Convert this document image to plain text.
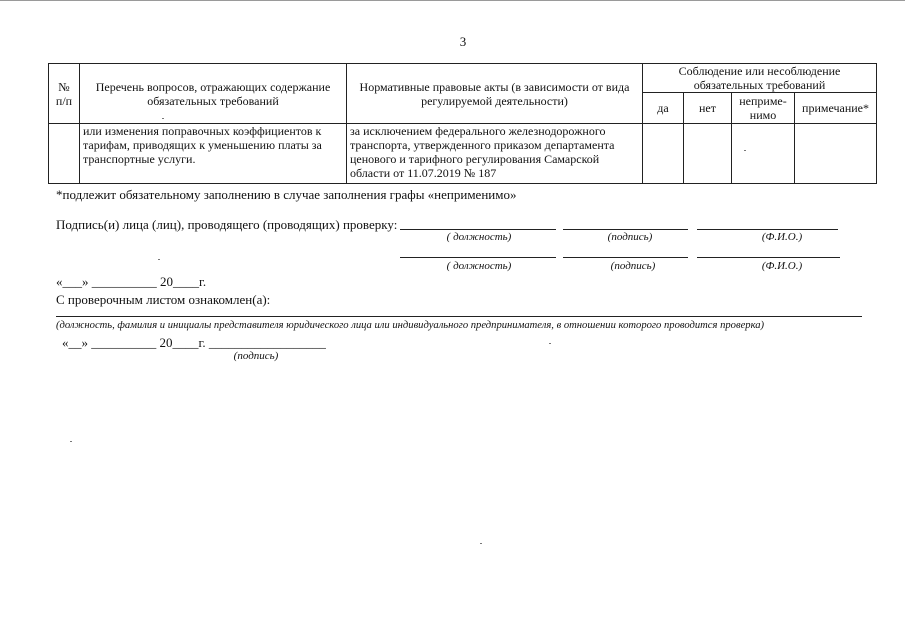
3
№ п/п	Перечень вопросов, отражающих содержание обязательных требований	Нормативные правовые акты (в зависимости от вида регулируемой деятельности)	Соблюдение или несоблюдение обязательных требований			
			да	нет	неприме-нимо	примечание*
	или изменения поправочных коэффициентов к тарифам, приводящих к уменьшению платы за транспортные услуги.	за исключением федерального железнодорожного транспорта, утвержденного приказом департамента ценового и тарифного регулирования Самарской области от 11.07.2019 № 187				
*подлежит обязательному заполнению в случае заполнения графы «неприменимо»
Подпись(и) лица (лиц), проводящего (проводящих) проверку:
( должность)	(подпись)	(Ф.И.О.)
( должность)	(подпись)	(Ф.И.О.)
«___» __________ 20____г.
С проверочным листом ознакомлен(а):
(должность, фамилия и инициалы представителя юридического лица или индивидуального предпринимателя, в отношении которого проводится проверка)
«__» __________ 20____г. __________________
(подпись)
